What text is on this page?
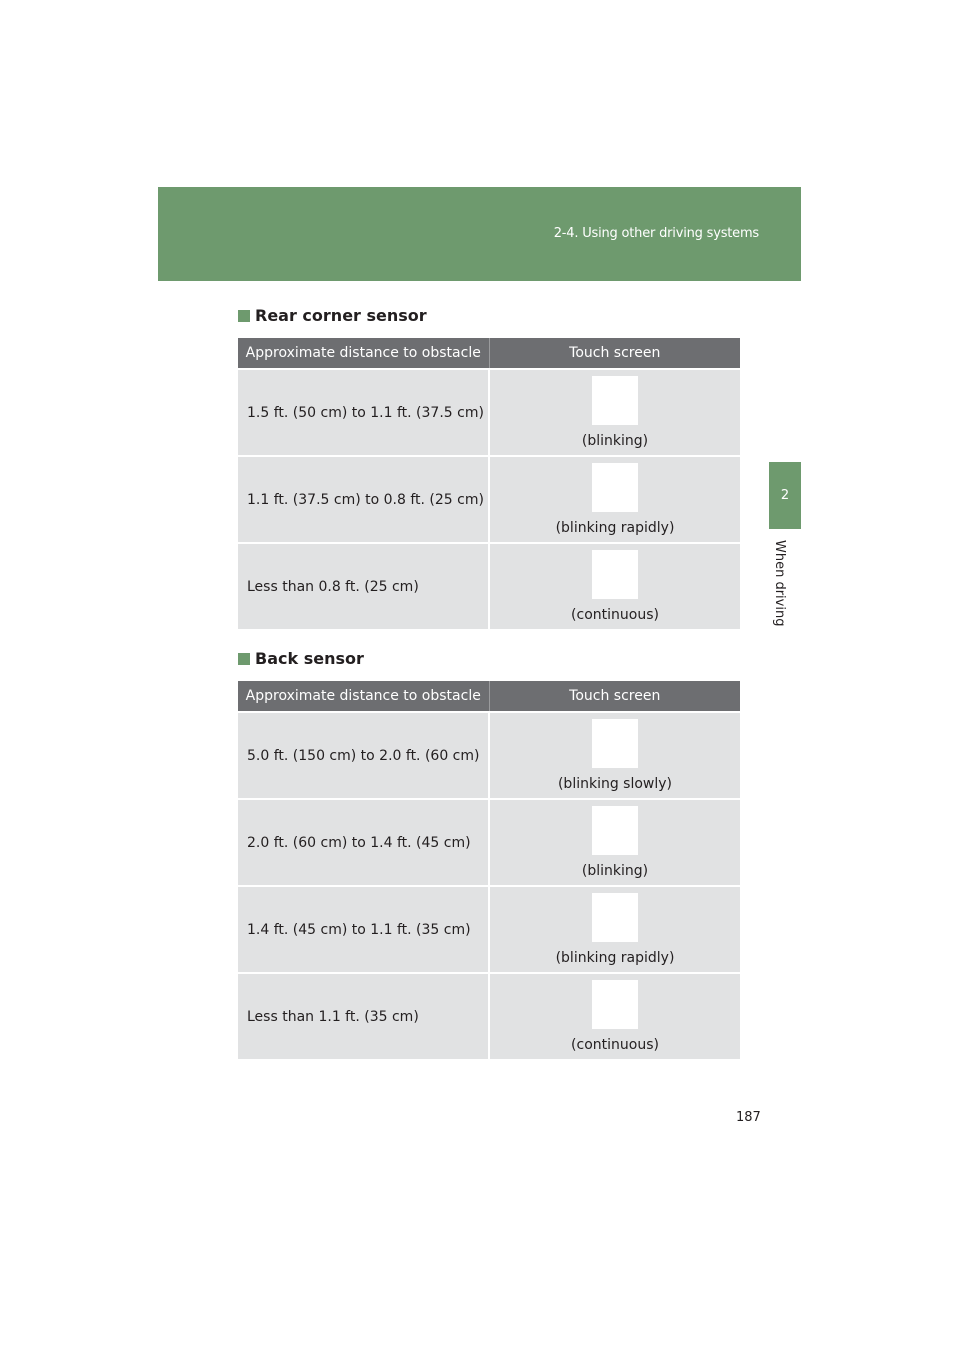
2-4. Using other driving systems
2
When driving
Rear corner sensor
Approximate distance to obstacle	Touch screen
1.5 ft. (50 cm) to 1.1 ft. (37.5 cm)	(blinking)

1.1 ft. (37.5 cm) to 0.8 ft. (25 cm)	(blinking rapidly)

Less than 0.8 ft. (25 cm)	(continuous)
Back sensor
Approximate distance to obstacle	Touch screen
5.0 ft. (150 cm) to 2.0 ft. (60 cm)	(blinking slowly)

2.0 ft. (60 cm) to 1.4 ft. (45 cm)	(blinking)

1.4 ft. (45 cm) to 1.1 ft. (35 cm)	(blinking rapidly)

Less than 1.1 ft. (35 cm)	(continuous)
187
